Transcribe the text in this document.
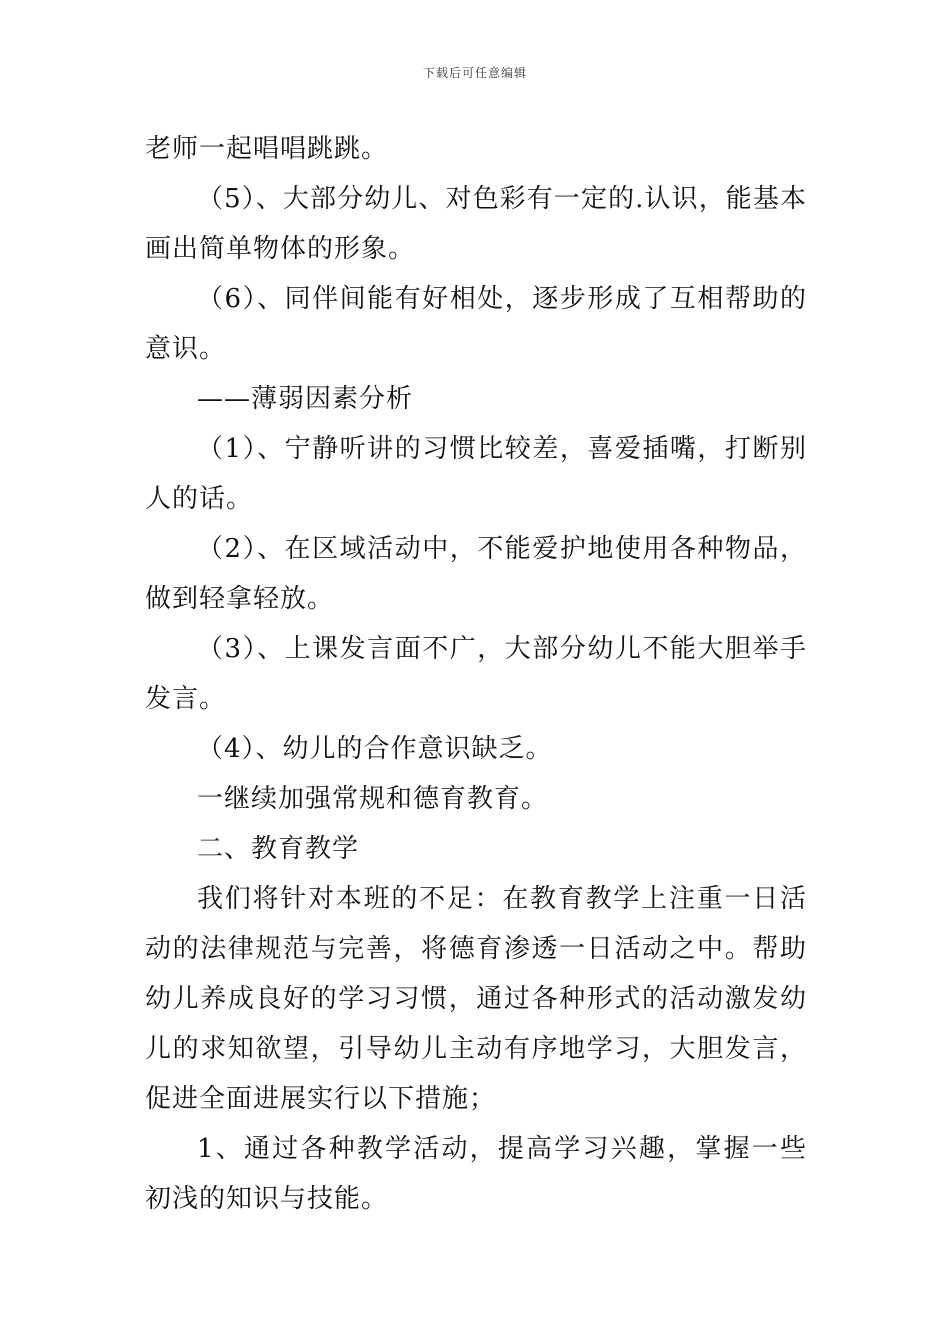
下载后可任意编辑

老师一起唱唱跳跳。

（5）、大部分幼儿、对色彩有一定的.认识，能基本画出简单物体的形象。

（6）、同伴间能有好相处，逐步形成了互相帮助的意识。

——薄弱因素分析

（1）、宁静听讲的习惯比较差，喜爱插嘴，打断别人的话。

（2）、在区域活动中，不能爱护地使用各种物品，做到轻拿轻放。

（3）、上课发言面不广，大部分幼儿不能大胆举手发言。

（4）、幼儿的合作意识缺乏。

一继续加强常规和德育教育。

二、教育教学

我们将针对本班的不足：在教育教学上注重一日活动的法律规范与完善，将德育渗透一日活动之中。帮助幼儿养成良好的学习习惯，通过各种形式的活动激发幼儿的求知欲望，引导幼儿主动有序地学习，大胆发言，促进全面进展实行以下措施；

1、通过各种教学活动，提高学习兴趣，掌握一些初浅的知识与技能。
